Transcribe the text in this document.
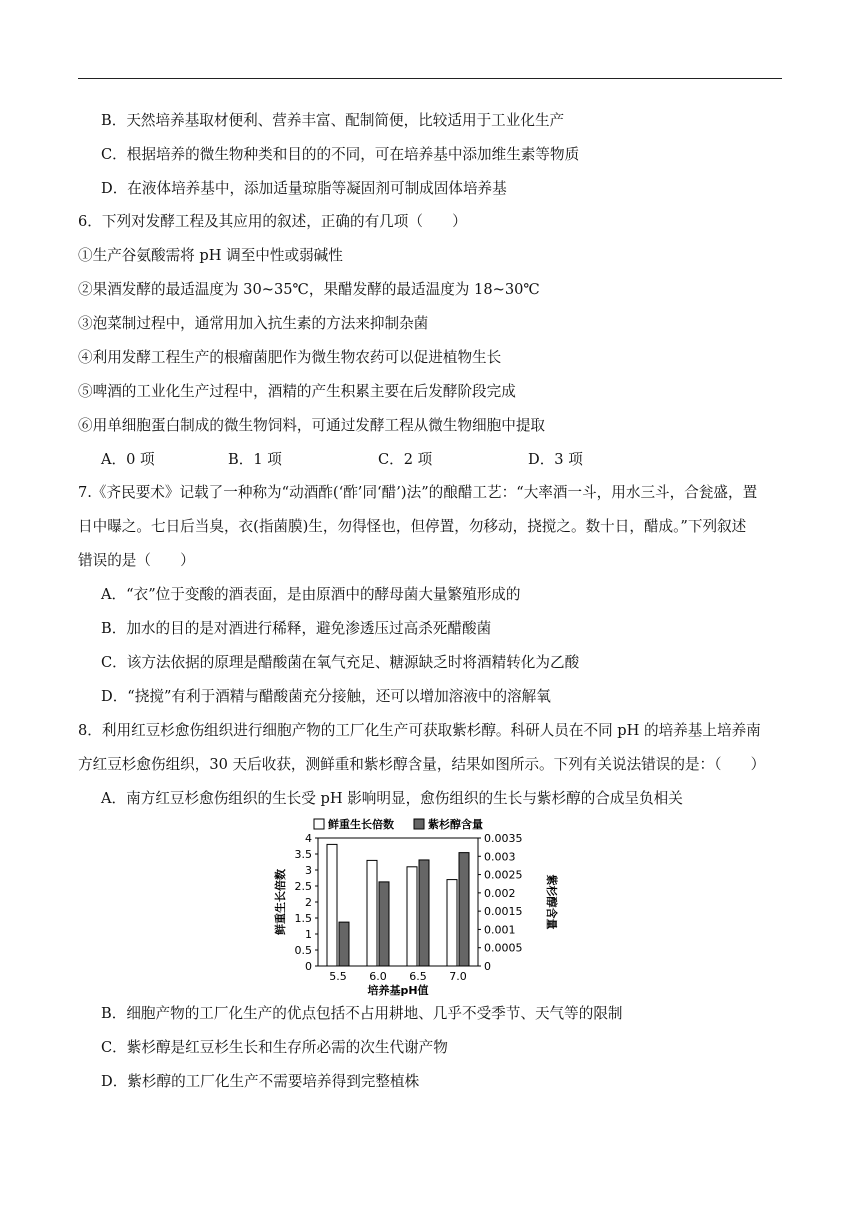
B．天然培养基取材便利、营养丰富、配制简便，比较适用于工业化生产
C．根据培养的微生物种类和目的的不同，可在培养基中添加维生素等物质
D．在液体培养基中，添加适量琼脂等凝固剂可制成固体培养基
6．下列对发酵工程及其应用的叙述，正确的有几项（　　）
①生产谷氨酸需将 pH 调至中性或弱碱性
②果酒发酵的最适温度为 30~35℃，果醋发酵的最适温度为 18~30℃
③泡菜制过程中，通常用加入抗生素的方法来抑制杂菌
④利用发酵工程生产的根瘤菌肥作为微生物农药可以促进植物生长
⑤啤酒的工业化生产过程中，酒精的产生积累主要在后发酵阶段完成
⑥用单细胞蛋白制成的微生物饲料，可通过发酵工程从微生物细胞中提取
A．0 项	B．1 项	C．2 项	D．3 项
7.《齐民要术》记载了一种称为“动酒酢(‘酢’同‘醋’)法”的酿醋工艺：“大率酒一斗，用水三斗，合瓮盛，置
日中曝之。七日后当臭，衣(指菌膜)生，勿得怪也，但停置，勿移动，挠搅之。数十日，醋成。”下列叙述
错误的是（　　）
A．“衣”位于变酸的酒表面，是由原酒中的酵母菌大量繁殖形成的
B．加水的目的是对酒进行稀释，避免渗透压过高杀死醋酸菌
C．该方法依据的原理是醋酸菌在氧气充足、糖源缺乏时将酒精转化为乙酸
D．“挠搅”有利于酒精与醋酸菌充分接触，还可以增加溶液中的溶解氧
8．利用红豆杉愈伤组织进行细胞产物的工厂化生产可获取紫杉醇。科研人员在不同 pH 的培养基上培养南
方红豆杉愈伤组织，30 天后收获，测鲜重和紫杉醇含量，结果如图所示。下列有关说法错误的是：（　　）
A．南方红豆杉愈伤组织的生长受 pH 影响明显，愈伤组织的生长与紫杉醇的合成呈负相关
鲜重生长倍数	紫杉醇含量
0
0.5
1
1.5
2
2.5
3
3.5
4
0
0.0005
0.001
0.0015
0.002
0.0025
0.003
0.0035
5.5 6.0 6.5 7.0
培养基pH值
鲜重生长倍数	紫杉醇含量
B．细胞产物的工厂化生产的优点包括不占用耕地、几乎不受季节、天气等的限制
C．紫杉醇是红豆杉生长和生存所必需的次生代谢产物
D．紫杉醇的工厂化生产不需要培养得到完整植株
